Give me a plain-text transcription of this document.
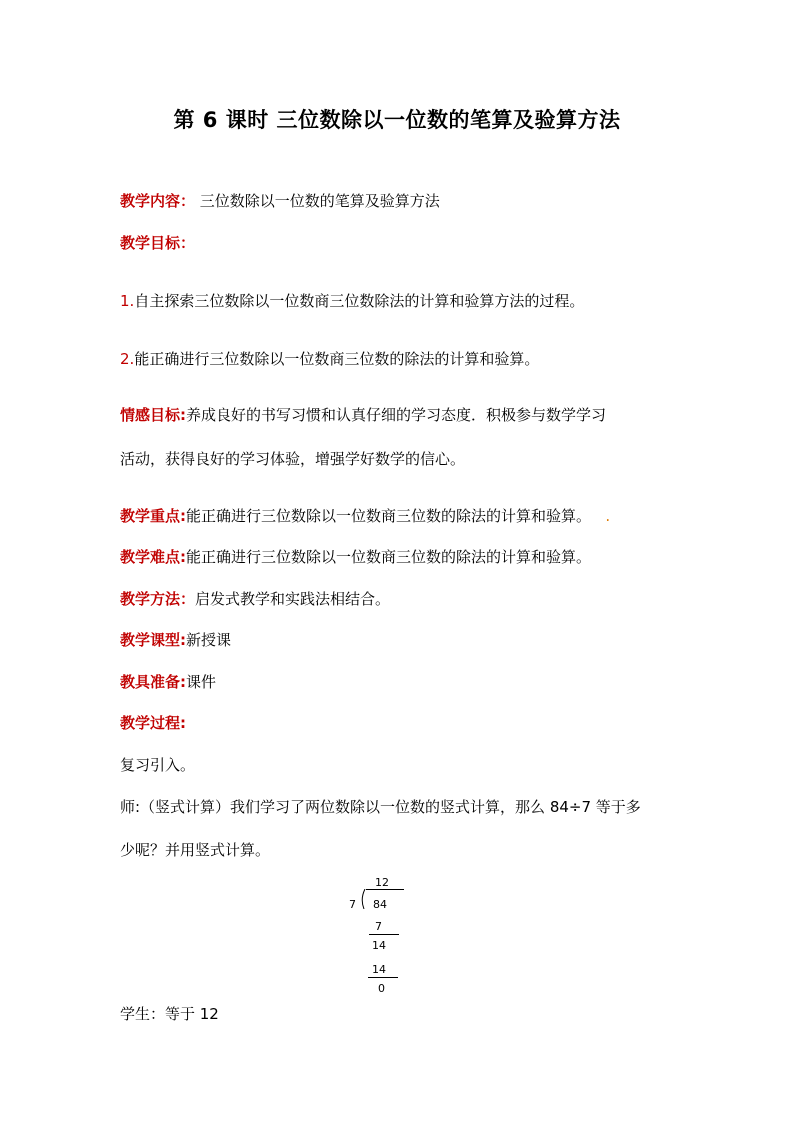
第 6 课时 三位数除以一位数的笔算及验算方法
教学内容： 三位数除以一位数的笔算及验算方法
教学目标：
1.自主探索三位数除以一位数商三位数除法的计算和验算方法的过程。
2.能正确进行三位数除以一位数商三位数的除法的计算和验算。
情感目标:养成良好的书写习惯和认真仔细的学习态度．积极参与数学学习
活动，获得良好的学习体验，增强学好数学的信心。
教学重点:能正确进行三位数除以一位数商三位数的除法的计算和验算。 .
教学难点:能正确进行三位数除以一位数商三位数的除法的计算和验算。
教学方法：启发式教学和实践法相结合。
教学课型:新授课
教具准备:课件
教学过程:
复习引入。
师:（竖式计算）我们学习了两位数除以一位数的竖式计算，那么 84÷7 等于多
少呢？并用竖式计算。
12
7 84
7
14
14
0
学生：等于 12
